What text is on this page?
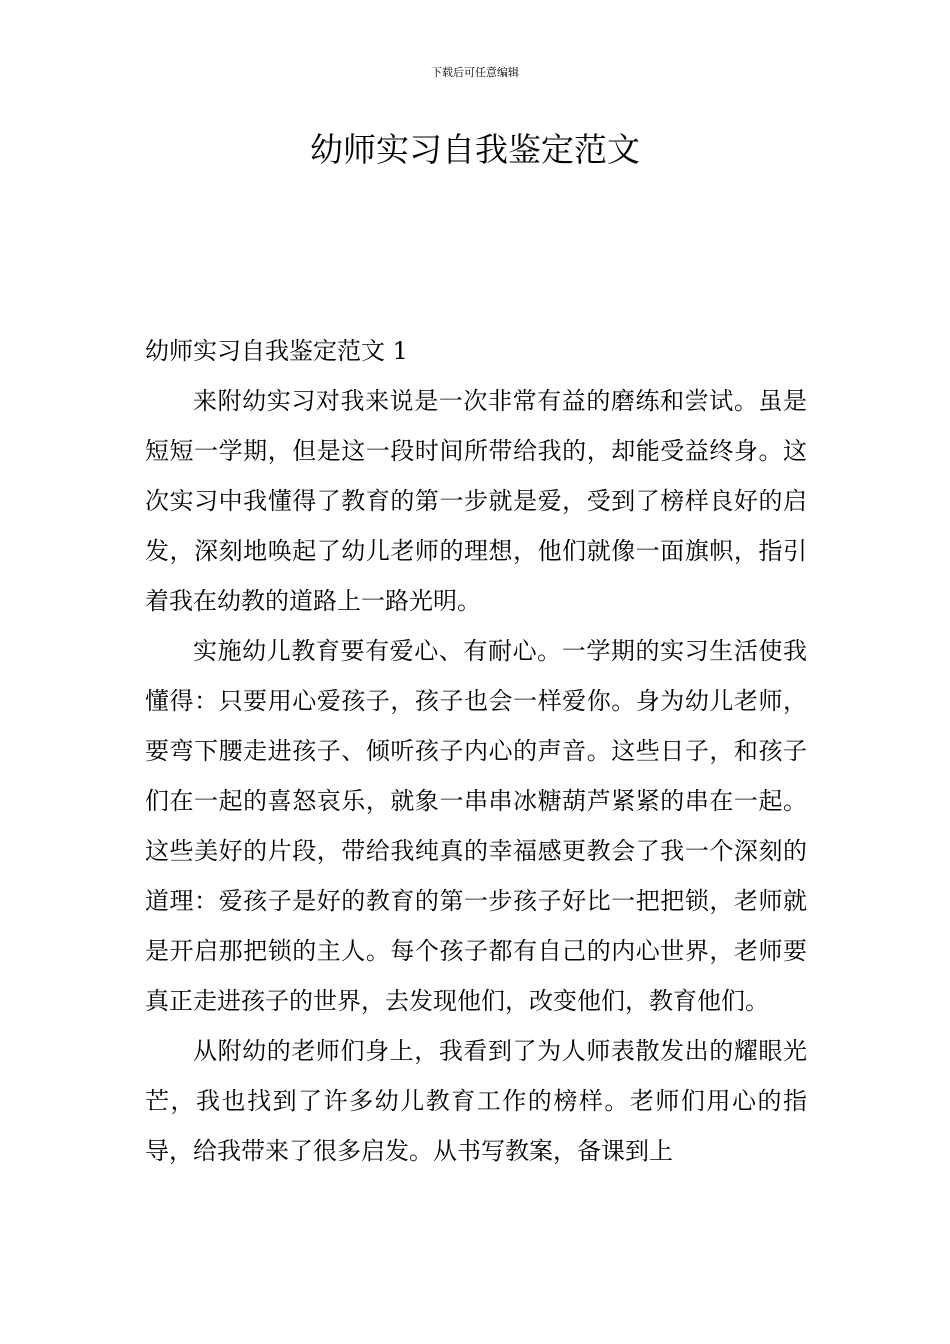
下载后可任意编辑
幼师实习自我鉴定范文
幼师实习自我鉴定范文 1

来附幼实习对我来说是一次非常有益的磨练和尝试。虽是短短一学期，但是这一段时间所带给我的，却能受益终身。这次实习中我懂得了教育的第一步就是爱，受到了榜样良好的启发，深刻地唤起了幼儿老师的理想，他们就像一面旗帜，指引着我在幼教的道路上一路光明。

实施幼儿教育要有爱心、有耐心。一学期的实习生活使我懂得：只要用心爱孩子，孩子也会一样爱你。身为幼儿老师，要弯下腰走进孩子、倾听孩子内心的声音。这些日子，和孩子们在一起的喜怒哀乐，就象一串串冰糖葫芦紧紧的串在一起。这些美好的片段，带给我纯真的幸福感更教会了我一个深刻的道理：爱孩子是好的教育的第一步孩子好比一把把锁，老师就是开启那把锁的主人。每个孩子都有自己的内心世界，老师要真正走进孩子的世界，去发现他们，改变他们，教育他们。

从附幼的老师们身上，我看到了为人师表散发出的耀眼光芒，我也找到了许多幼儿教育工作的榜样。老师们用心的指导，给我带来了很多启发。从书写教案，备课到上
